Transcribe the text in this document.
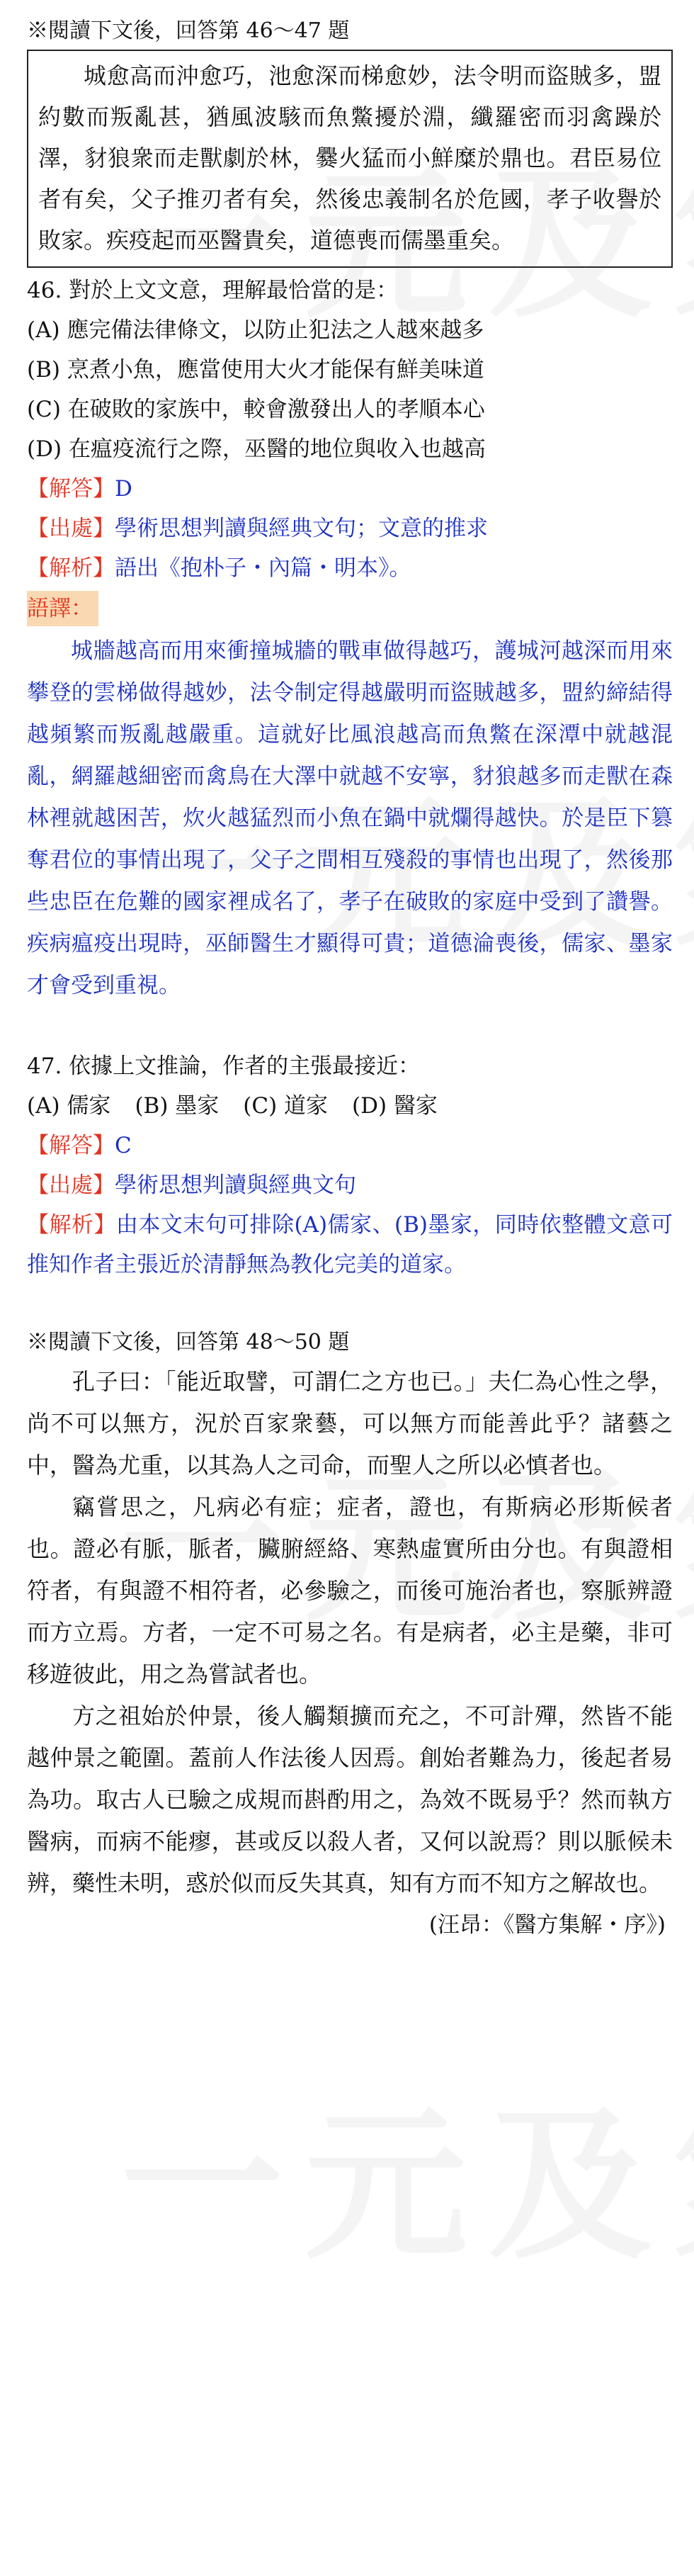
※閱讀下文後，回答第 46～47 題
城愈高而沖愈巧，池愈深而梯愈妙，法令明而盜賊多，盟約數而叛亂甚，猶風波駭而魚鱉擾於淵，纖羅密而羽禽躁於澤，豺狼衆而走獸劇於林，爨火猛而小鮮糜於鼎也。君臣易位者有矣，父子推刃者有矣，然後忠義制名於危國，孝子收譽於敗家。疾疫起而巫醫貴矣，道德喪而儒墨重矣。
46. 對於上文文意，理解最恰當的是：
(A) 應完備法律條文，以防止犯法之人越來越多
(B) 烹煮小魚，應當使用大火才能保有鮮美味道
(C) 在破敗的家族中，較會激發出人的孝順本心
(D) 在瘟疫流行之際，巫醫的地位與收入也越高
【解答】D
【出處】學術思想判讀與經典文句；文意的推求
【解析】語出《抱朴子・內篇・明本》。
語譯：
城牆越高而用來衝撞城牆的戰車做得越巧，護城河越深而用來攀登的雲梯做得越妙，法令制定得越嚴明而盜賊越多，盟約締結得越頻繁而叛亂越嚴重。這就好比風浪越高而魚鱉在深潭中就越混亂，網羅越細密而禽鳥在大澤中就越不安寧，豺狼越多而走獸在森林裡就越困苦，炊火越猛烈而小魚在鍋中就爛得越快。於是臣下篡奪君位的事情出現了，父子之間相互殘殺的事情也出現了，然後那些忠臣在危難的國家裡成名了，孝子在破敗的家庭中受到了讚譽。疾病瘟疫出現時，巫師醫生才顯得可貴；道德淪喪後，儒家、墨家才會受到重視。
47. 依據上文推論，作者的主張最接近：
(A) 儒家 (B) 墨家 (C) 道家 (D) 醫家
【解答】C
【出處】學術思想判讀與經典文句
【解析】由本文末句可排除(A)儒家、(B)墨家，同時依整體文意可推知作者主張近於清靜無為教化完美的道家。
※閱讀下文後，回答第 48～50 題
孔子曰：「能近取譬，可謂仁之方也已。」夫仁為心性之學，尚不可以無方，況於百家衆藝，可以無方而能善此乎？諸藝之中，醫為尤重，以其為人之司命，而聖人之所以必慎者也。
竊嘗思之，凡病必有症；症者，證也，有斯病必形斯候者也。證必有脈，脈者，臟腑經絡、寒熱虛實所由分也。有與證相符者，有與證不相符者，必參驗之，而後可施治者也，察脈辨證而方立焉。方者，一定不可易之名。有是病者，必主是藥，非可移遊彼此，用之為嘗試者也。
方之祖始於仲景，後人觸類擴而充之，不可計殫，然皆不能越仲景之範圍。蓋前人作法後人因焉。創始者難為力，後起者易為功。取古人已驗之成規而斟酌用之，為效不既易乎？然而執方醫病，而病不能瘳，甚或反以殺人者，又何以說焉？則以脈候未辨，藥性未明，惑於似而反失其真，知有方而不知方之解故也。
(汪昂：《醫方集解・序》)
